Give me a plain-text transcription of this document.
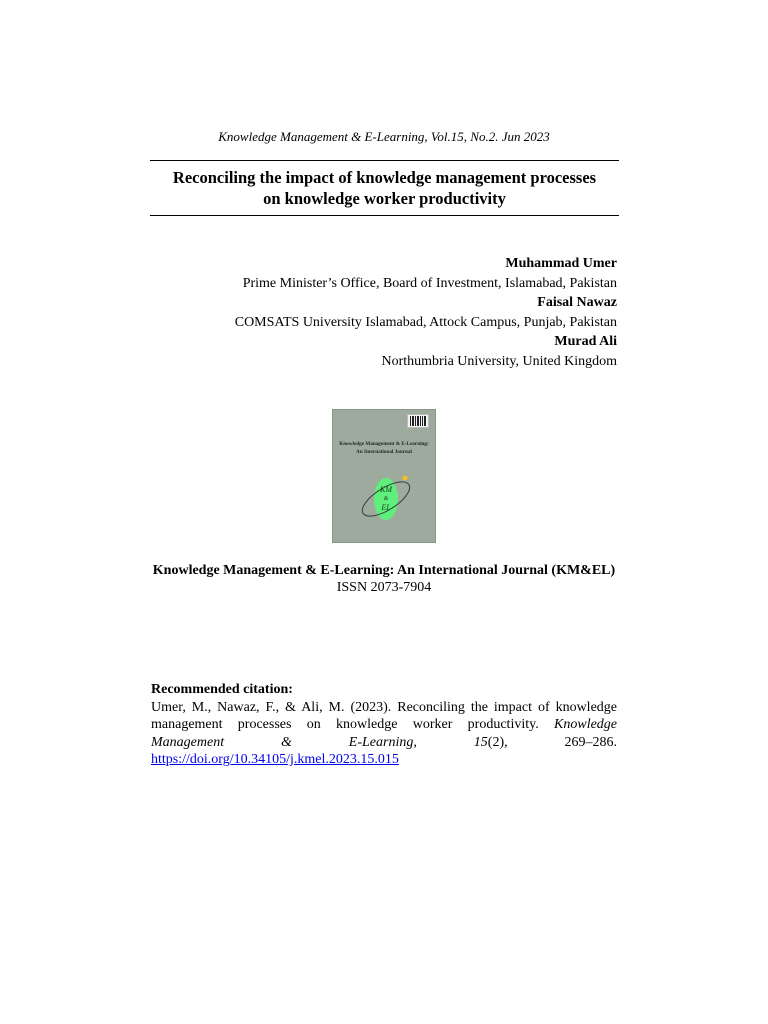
Knowledge Management & E-Learning, Vol.15, No.2. Jun 2023
Reconciling the impact of knowledge management processes
on knowledge worker productivity
Muhammad Umer
Prime Minister’s Office, Board of Investment, Islamabad, Pakistan
Faisal Nawaz
COMSATS University Islamabad, Attock Campus, Punjab, Pakistan
Murad Ali
Northumbria University, United Kingdom
Knowledge Management & E-Learning:
An International Journal
KM
&
EL
Knowledge Management & E-Learning: An International Journal (KM&EL)
ISSN 2073-7904
Recommended citation:
Umer, M., Nawaz, F., & Ali, M. (2023). Reconciling the impact of knowledge management processes on knowledge worker productivity. Knowledge Management & E-Learning,	15(2), 269–286.
https://doi.org/10.34105/j.kmel.2023.15.015
